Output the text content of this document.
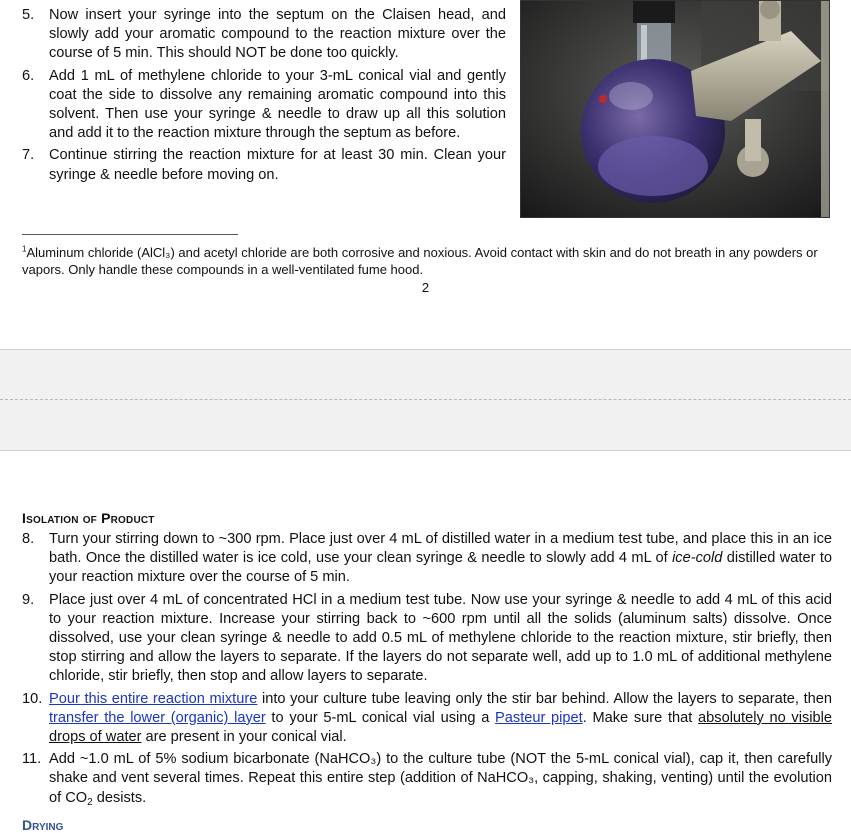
5. Now insert your syringe into the septum on the Claisen head, and slowly add your aromatic compound to the reaction mixture over the course of 5 min. This should NOT be done too quickly.
6. Add 1 mL of methylene chloride to your 3-mL conical vial and gently coat the side to dissolve any remaining aromatic compound into this solvent. Then use your syringe & needle to draw up all this solution and add it to the reaction mixture through the septum as before.
7. Continue stirring the reaction mixture for at least 30 min. Clean your syringe & needle before moving on.
$^1$Aluminum chloride (AlCl₃) and acetyl chloride are both corrosive and noxious. Avoid contact with skin and do not breath in any powders or vapors. Only handle these compounds in a well-ventilated fume hood.
2
Isolation of Product
8. Turn your stirring down to ~300 rpm. Place just over 4 mL of distilled water in a medium test tube, and place this in an ice bath. Once the distilled water is ice cold, use your clean syringe & needle to slowly add 4 mL of ice-cold distilled water to your reaction mixture over the course of 5 min.
9. Place just over 4 mL of concentrated HCl in a medium test tube. Now use your syringe & needle to add 4 mL of this acid to your reaction mixture. Increase your stirring back to ~600 rpm until all the solids (aluminum salts) dissolve. Once dissolved, use your clean syringe & needle to add 0.5 mL of methylene chloride to the reaction mixture, stir briefly, then stop stirring and allow the layers to separate. If the layers do not separate well, add up to 1.0 mL of additional methylene chloride, stir briefly, then stop and allow layers to separate.
10. Pour this entire reaction mixture into your culture tube leaving only the stir bar behind. Allow the layers to separate, then transfer the lower (organic) layer to your 5-mL conical vial using a Pasteur pipet. Make sure that absolutely no visible drops of water are present in your conical vial.
11. Add ~1.0 mL of 5% sodium bicarbonate (NaHCO₃) to the culture tube (NOT the 5-mL conical vial), cap it, then carefully shake and vent several times. Repeat this entire step (addition of NaHCO₃, capping, shaking, venting) until the evolution of $CO_2$ desists.
Drying
